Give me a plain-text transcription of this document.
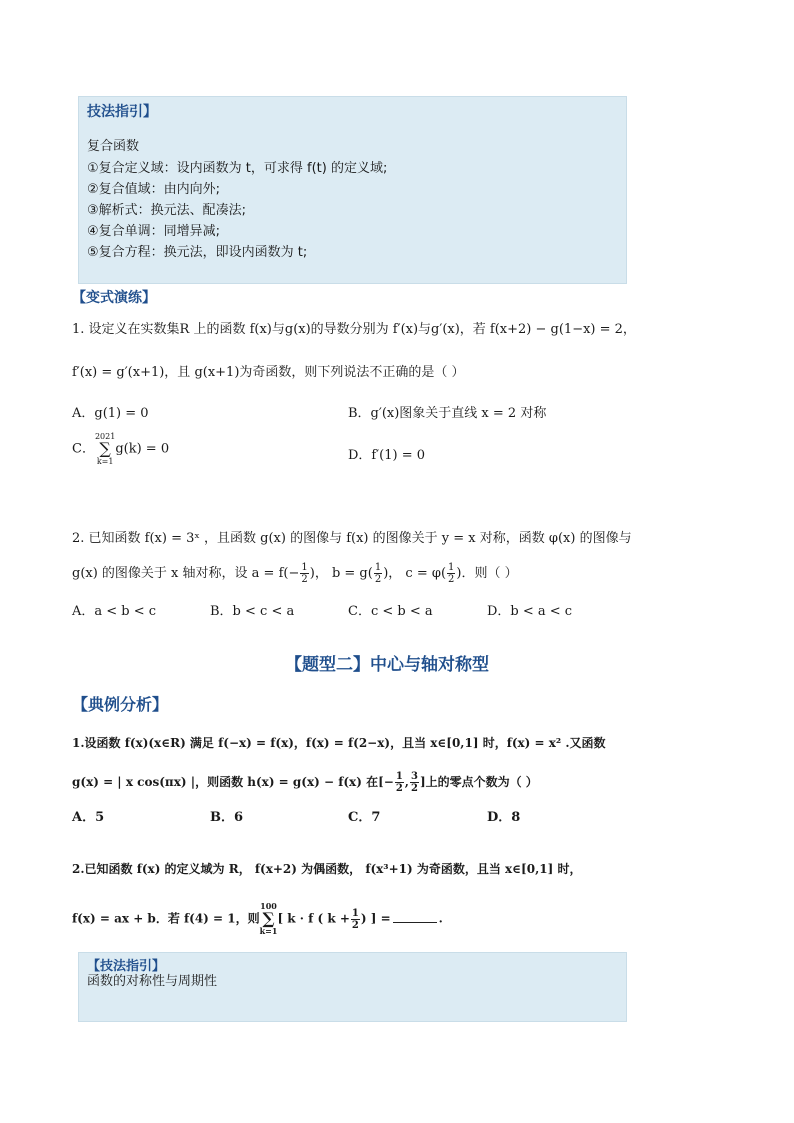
技法指引】
复合函数
①复合定义域：设内函数为 t，可求得 f(t) 的定义域;
②复合值域：由内向外;
③解析式：换元法、配凑法;
④复合单调：同增异减;
⑤复合方程：换元法，即设内函数为 t;
【变式演练】
1. 设定义在实数集R 上的函数 f(x)与g(x)的导数分别为 f′(x)与g′(x)，若 f(x+2) − g(1−x) = 2，
f′(x) = g′(x+1)，且 g(x+1)为奇函数，则下列说法不正确的是（ ）
A．g(1) = 0	B．g′(x)图象关于直线 x = 2 对称
C．2021
∑
k=1g(k) = 0	D．f′(1) = 0
2. 已知函数 f(x) = 3ˣ ，且函数 g(x) 的图像与 f(x) 的图像关于 y = x 对称，函数 φ(x) 的图像与
g(x) 的图像关于 x 轴对称，设 $a = f(- \frac{1}{2}$ )， $b = g( \frac{1}{2}$ )， $c = \varphi( \frac{1}{2}$ )．则（ ）
A．a < b < c	B．b < c < a	C．c < b < a	D．b < a < c
【题型二】中心与轴对称型
【典例分析】
1.设函数 f(x)(x∈R) 满足 f(−x) = f(x)，f(x) = f(2−x)，且当 x∈[0,1] 时，f(x) = x² .又函数
g(x) = | x cos(πx) |，则函数 h(x) = g(x) − f(x) 在[− $\frac{1}{2}$ , $\frac{3}{2}$ ]上的零点个数为（ ）
A．5	B．6	C．7	D．8
2.已知函数 f(x) 的定义域为 R， f(x+2) 为偶函数， f(x³+1) 为奇函数，且当 x∈[0,1] 时，
f(x) = ax + b．若 f(4) = 1，则100
∑
k=1[ k · f ( $k + \frac{1}{2}$ ) ] =	.
【技法指引】
函数的对称性与周期性
